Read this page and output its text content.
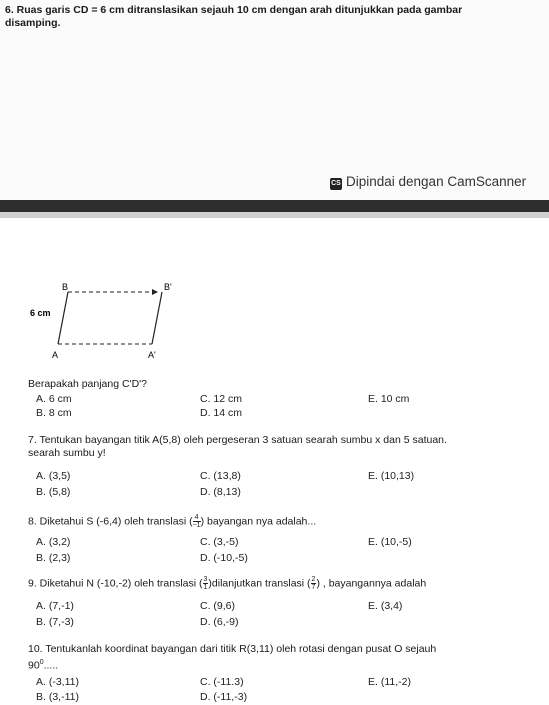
6. Ruas garis CD = 6 cm ditranslasikan sejauh 10 cm dengan arah ditunjukkan pada gambar
disamping.
CS Dipindai dengan CamScanner
B	B'
A	A'
6 cm
Berapakah panjang C'D'?
A. 6 cm
B. 8 cm
C. 12 cm
D. 14 cm
E. 10 cm
7. Tentukan bayangan titik A(5,8) oleh pergeseran 3 satuan searah sumbu x dan 5 satuan.
searah sumbu y!
A. (3,5)
B. (5,8)
C. (13,8)
D. (8,13)
E. (10,13)
8. Diketahui S (-6,4) oleh translasi ( $\frac{4}{-1}$ ) bayangan nya adalah...
A. (3,2)
B. (2,3)
C. (3,-5)
D. (-10,-5)
E. (10,-5)
9. Diketahui N (-10,-2) oleh translasi ( $\frac{3}{1}$ )dilanjutkan translasi ( $\frac{2}{7}$ ) , bayangannya adalah
A. (7,-1)
B. (7,-3)
C. (9,6)
D. (6,-9)
E. (3,4)
10. Tentukanlah koordinat bayangan dari titik R(3,11) oleh rotasi dengan pusat O sejauh
$90^0$.....
A. (-3,11)
B. (3,-11)
C. (-11.3)
D. (-11,-3)
E. (11,-2)
